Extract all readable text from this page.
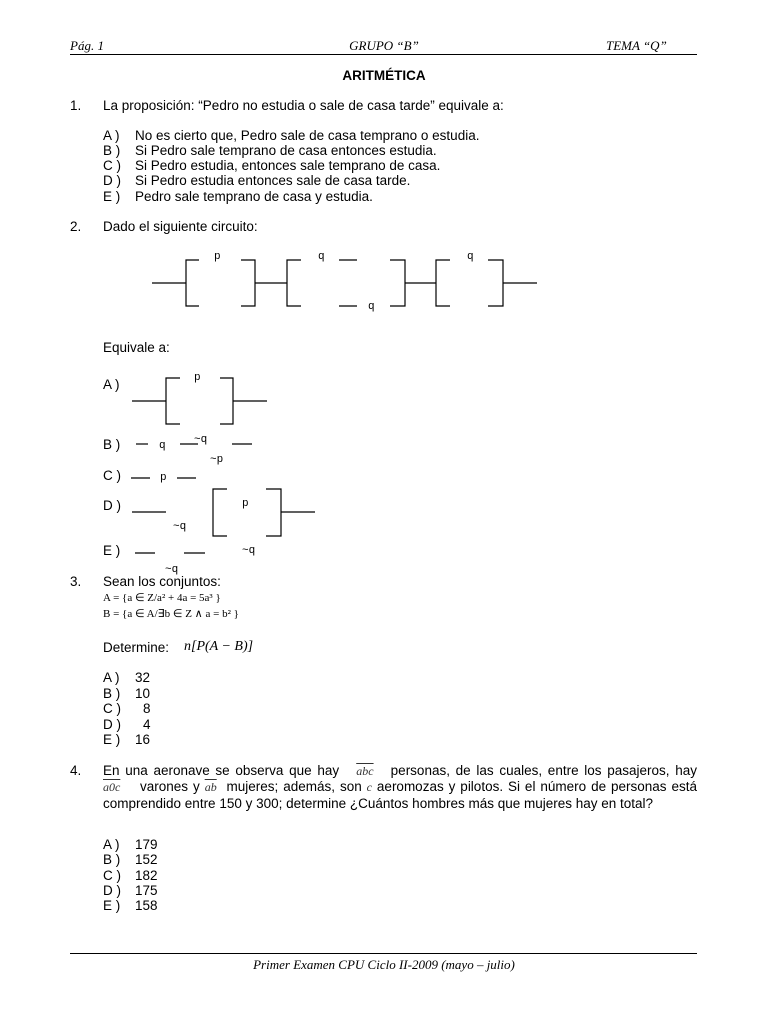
Pág. 1	GRUPO “B”	TEMA “Q”
ARITMÉTICA
1. La proposición: “Pedro no estudia o sale de casa tarde” equivale a:
A ) No es cierto que, Pedro sale de casa temprano o estudia.
B ) Si Pedro sale temprano de casa entonces estudia.
C ) Si Pedro estudia, entonces sale temprano de casa.
D ) Si Pedro estudia entonces sale de casa tarde.
E ) Pedro sale temprano de casa y estudia.
2. Dado el siguiente circuito:
p	q
q
q
p
q	~q
~p
p
~q
p
~q
~q
Equivale a:
A )
B )
C )
D )
E )
3. Sean los conjuntos:
A = {a ∈ Z/a² + 4a = 5a³ }
B = {a ∈ A/∃b ∈ Z ∧ a = b² }
Determine: n[P(A − B)]
A ) 32
B ) 10
C ) 8
D ) 4
E ) 16
4. En una aeronave se observa que hay $\overline{abc}$ personas, de las cuales, entre los pasajeros, hay a0c varones y $\overline{ab}$ mujeres; además, son c aeromozas y pilotos. Si el número de personas está comprendido entre 150 y 300; determine ¿Cuántos hombres más que mujeres hay en total?
A ) 179
B ) 152
C ) 182
D ) 175
E ) 158
Primer Examen CPU Ciclo II-2009 (mayo – julio)
